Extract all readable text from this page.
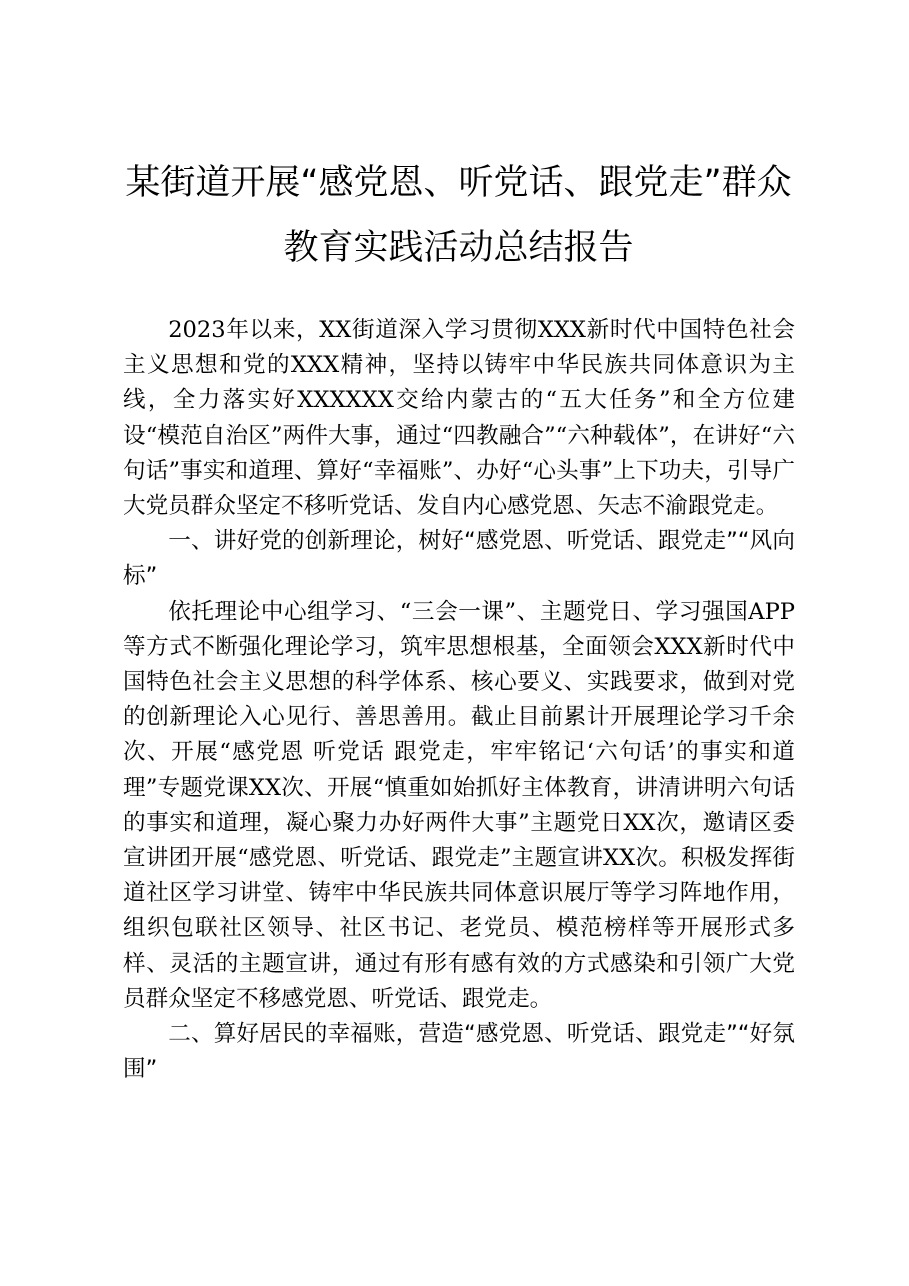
某街道开展“感党恩、听党话、跟党走”群众
教育实践活动总结报告

2023年以来，XX街道深入学习贯彻XXX新时代中国特色社会主义思想和党的XXX精神，坚持以铸牢中华民族共同体意识为主线，全力落实好XXXXXX交给内蒙古的“五大任务”和全方位建设“模范自治区”两件大事，通过“四教融合”“六种载体”，在讲好“六句话”事实和道理、算好“幸福账”、办好“心头事”上下功夫，引导广大党员群众坚定不移听党话、发自内心感党恩、矢志不渝跟党走。

一、讲好党的创新理论，树好“感党恩、听党话、跟党走”“风向标”

依托理论中心组学习、“三会一课”、主题党日、学习强国APP等方式不断强化理论学习，筑牢思想根基，全面领会XXX新时代中国特色社会主义思想的科学体系、核心要义、实践要求，做到对党的创新理论入心见行、善思善用。截止目前累计开展理论学习千余次、开展“感党恩 听党话 跟党走，牢牢铭记‘六句话’的事实和道理”专题党课XX次、开展“慎重如始抓好主体教育，讲清讲明六句话的事实和道理，凝心聚力办好两件大事”主题党日XX次，邀请区委宣讲团开展“感党恩、听党话、跟党走”主题宣讲XX次。积极发挥街道社区学习讲堂、铸牢中华民族共同体意识展厅等学习阵地作用，组织包联社区领导、社区书记、老党员、模范榜样等开展形式多样、灵活的主题宣讲，通过有形有感有效的方式感染和引领广大党员群众坚定不移感党恩、听党话、跟党走。

二、算好居民的幸福账，营造“感党恩、听党话、跟党走”“好氛围”
